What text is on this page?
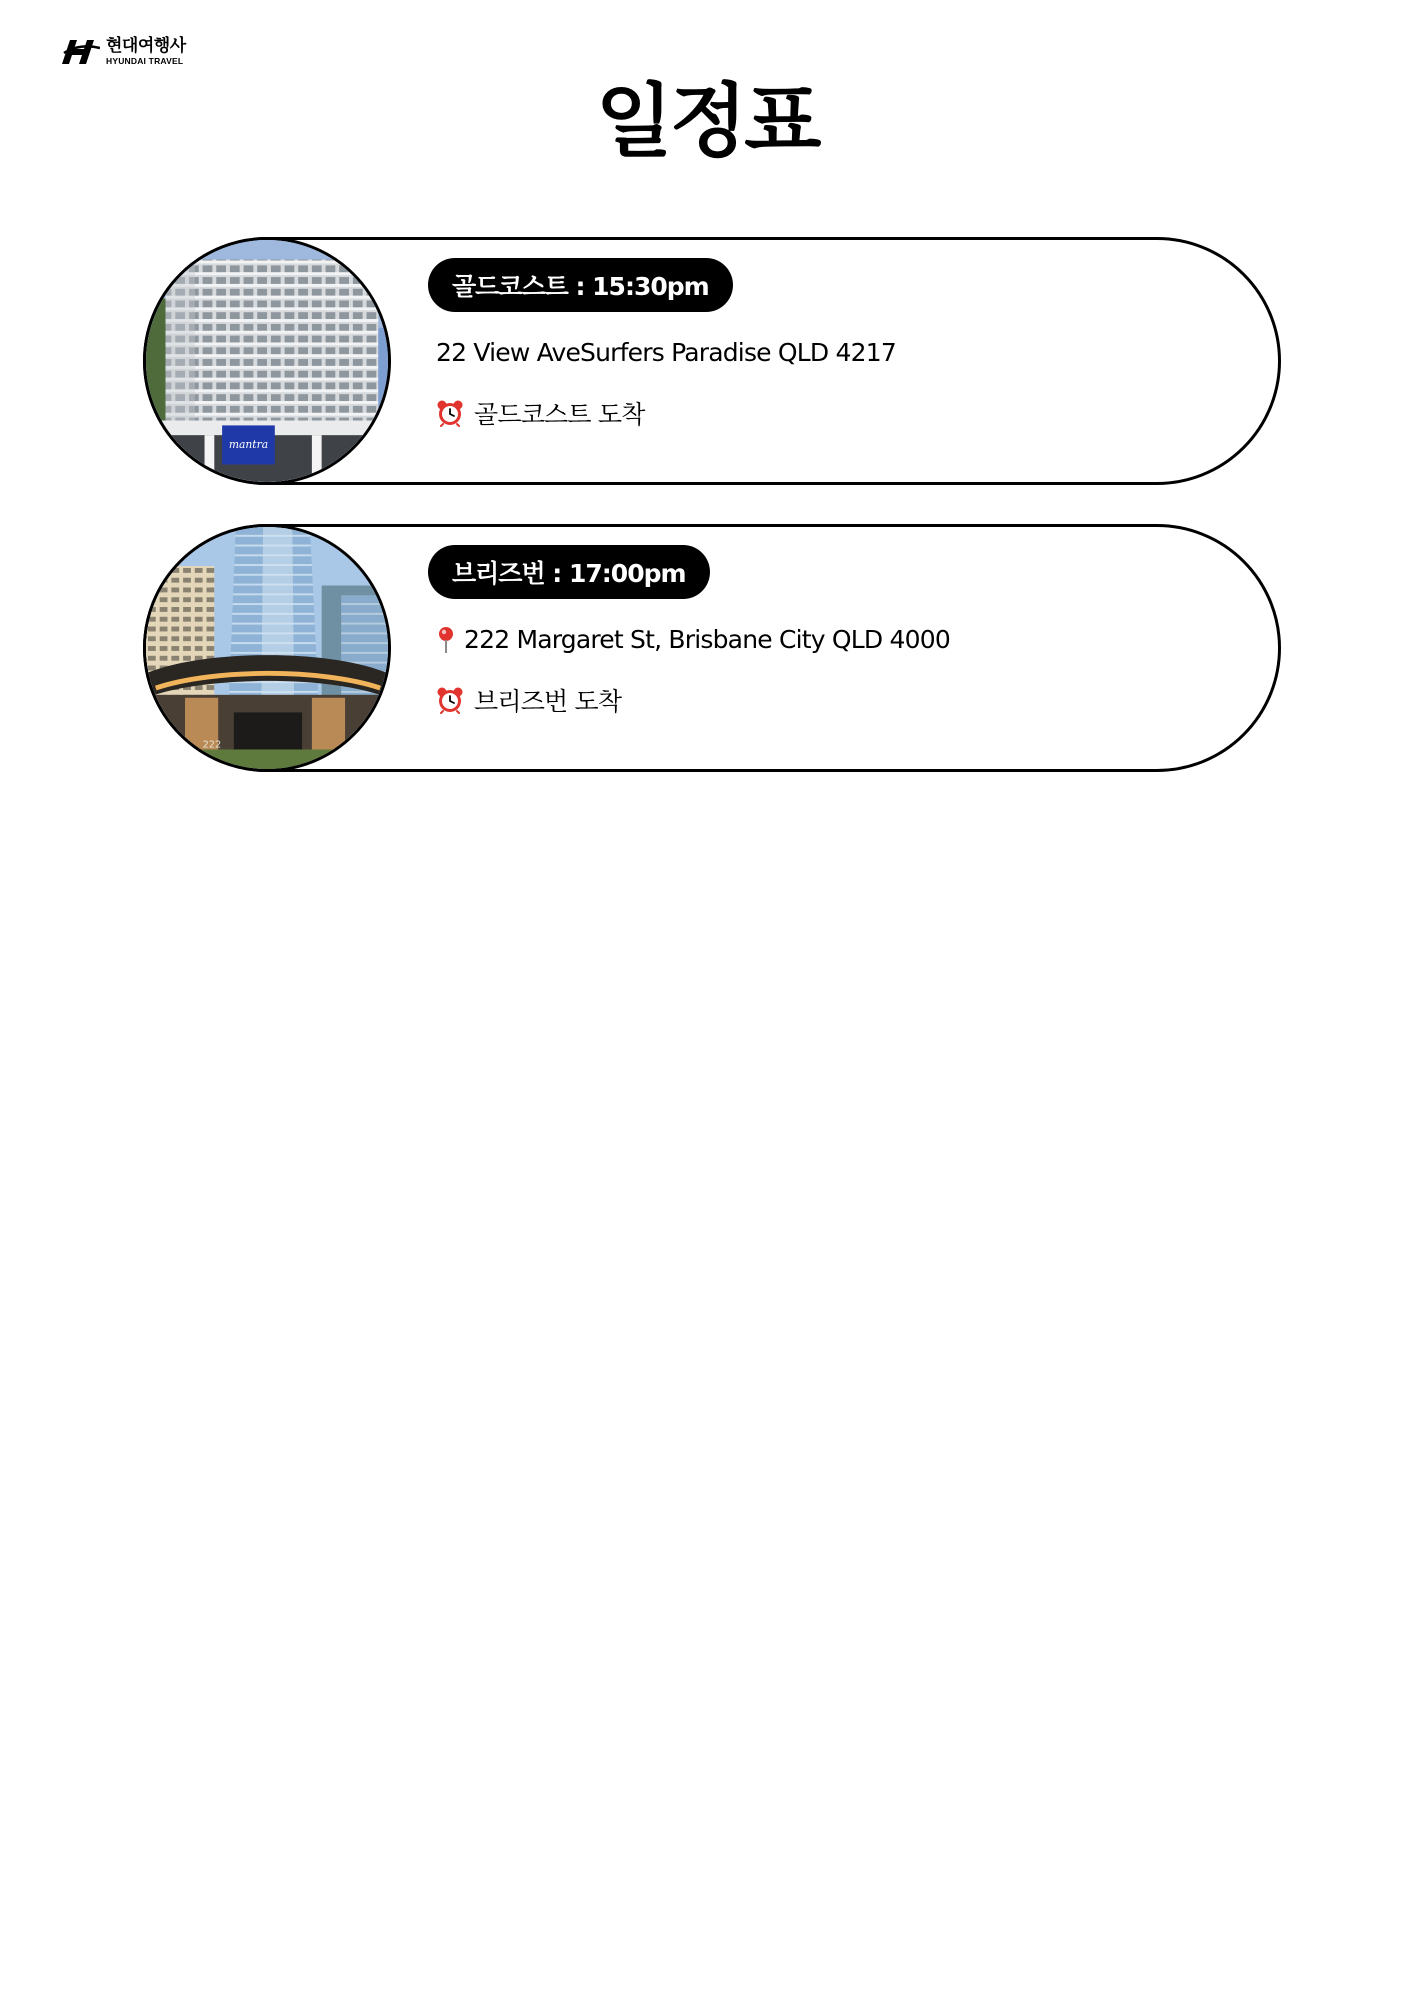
현대여행사
HYUNDAI TRAVEL
일정표
mantra
골드코스트 : 15:30pm
22 View AveSurfers Paradise QLD 4217
골드코스트 도착
222
브리즈번 : 17:00pm
222 Margaret St, Brisbane City QLD 4000
브리즈번 도착
